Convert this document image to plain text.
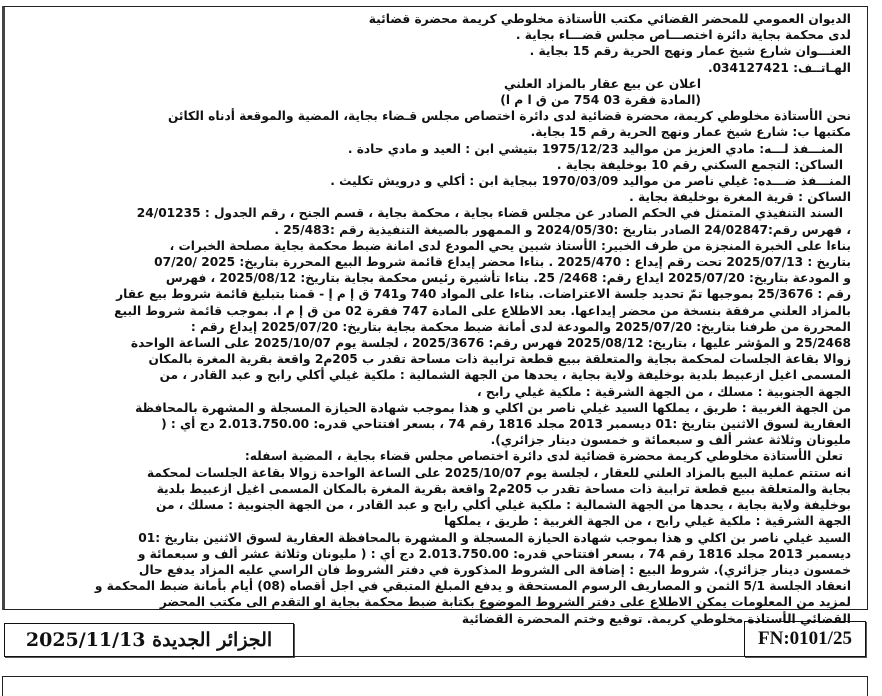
الديوان العمومي للمحضر القضائي مكتب الأستاذة مخلوطي كريمة محضرة قضائية

لدى محكمة بجاية دائرة اختصـــاص مجلس قضـــاء بجاية .

العنـــوان شارع شيخ عمار ونهج الحرية رقم 15 بجاية .

الهـاتــف: 034127421.

اعلان عن بيع عقار بالمزاد العلني

(المادة فقرة 03 754 من ق ا م ا)

نحن الأستاذة مخلوطي كريمة، محضرة قضائية لدى دائرة اختصاص مجلس قـضاء بجاية، المضية والموقعة أدناه الكائن

مكتبها ب: شارع شيخ عمار ونهج الحرية رقم 15 بجاية.

المنـــفذ لـــه: مادي العزيز من مواليد 1975/12/23 بتيشي ابن : العيد و مادي حادة .

الساكن: التجمع السكني رقم 10 بوخليفة بجاية .

المنـــفذ ضـــده: غيلي ناصر من مواليد 1970/03/09 ببجاية ابن : أكلي و درويش تكليث .

الساكن : قرية المغرة بوخليفة بجاية .

السند التنفيذي المتمثل في الحكم الصادر عن مجلس قضاء بجاية ، محكمة بجاية ، قسم الجنح ، رقم الجدول : 24/01235

، فهرس رقم:24/02847 الصادر بتاريخ :2024/05/30 و الممهور بالصيغة التنفيذية رقم :25/483 .

بناءا على الخبرة المنجزة من طرف الخبير: الأستاذ شبين يحي المودع لدى امانة ضبط محكمة بجاية مصلحة الخبرات ،

بتاريخ : 2025/07/13 تحت رقم إيداع : 2025/470 . بناءا محضر إيداع قائمة شروط البيع المحررة بتاريخ: 2025 /07/20

و المودعة بتاريخ: 2025/07/20 ايداع رقم: 2468/ 25. بناءا تأشيرة رئيس محكمة بجاية بتاريخ: 2025/08/12 ، فهرس

رقم : 25/3676 بموجبها تمّ تحديد جلسة الاعتراضات. بناءا على المواد 740 و741 ق إ م إ - قمنا بتبليغ قائمة شروط بيع عقار

بالمزاد العلني مرفقة بنسخة من محضر إيداعها. بعد الاطلاع على المادة 747 فقرة 02 من ق إ م ا. بموجب قائمة شروط البيع

المحررة من طرفنا بتاريخ: 2025/07/20 والمودعة لدى أمانة ضبط محكمة بجاية بتاريخ: 2025/07/20 إيداع رقم :

25/2468 و المؤشر عليها ، بتاريخ: 2025/08/12 فهرس رقم: 2025/3676 ، لجلسة يوم 2025/10/07 على الساعة الواحدة

زوالا بقاعة الجلسات لمحكمة بجاية والمتعلقة ببيع قطعة ترابية ذات مساحة تقدر ب 205م2 واقعة بقرية المغرة بالمكان

المسمى اغيل ازعبيط بلدية بوخليفة ولاية بجاية ، يحدها من الجهة الشمالية : ملكية غيلي أكلي رابح و عبد القادر ، من

الجهة الجنوبية : مسلك ، من الجهة الشرقية : ملكية غيلي رابح ،

من الجهة الغربية : طريق ، يملكها السيد غيلي ناصر بن اكلي و هذا بموجب شهادة الحيازة المسجلة و المشهرة بالمحافظة

العقارية لسوق الاثنين بتاريخ :01 ديسمبر 2013 مجلد 1816 رقم 74 ، بسعر افتتاحي قدره: 2.013.750.00 دج أي : (

مليونان وثلاثة عشر ألف و سبعمائة و خمسون دينار جزائري).

تعلن الأستاذة مخلوطي كريمة محضرة قضائية لدى دائرة اختصاص مجلس قضاء بجاية ، المضية اسفله:

انه ستتم عملية البيع بالمزاد العلني للعقار ، لجلسة يوم 2025/10/07 على الساعة الواحدة زوالا بقاعة الجلسات لمحكمة

بجاية والمتعلقة ببيع قطعة ترابية ذات مساحة تقدر ب 205م2 واقعة بقرية المغرة بالمكان المسمى اغيل ازعبيط بلدية

بوخليفة ولاية بجاية ، يحدها من الجهة الشمالية : ملكية غيلي أكلي رابح و عبد القادر ، من الجهة الجنوبية : مسلك ، من

الجهة الشرقية : ملكية غيلي رابح ، من الجهة الغربية : طريق ، يملكها

السيد غيلي ناصر بن اكلي و هذا بموجب شهادة الحيازة المسجلة و المشهرة بالمحافظة العقارية لسوق الاثنين بتاريخ :01

ديسمبر 2013 مجلد 1816 رقم 74 ، بسعر افتتاحي قدره: 2.013.750.00 دج أي : ( مليونان وثلاثة عشر ألف و سبعمائة و

خمسون دينار جزائري). شروط البيع : إضافة الى الشروط المذكورة في دفتر الشروط فان الراسي عليه المزاد يدفع حال

انعقاد الجلسة 5/1 الثمن و المصاريف الرسوم المستحقة و يدفع المبلغ المتبقي في اجل أقصاه (08) أيام بأمانة ضبط المحكمة و

لمزيد من المعلومات يمكن الاطلاع على دفتر الشروط الموضوع بكتابة ضبط محكمة بجاية او التقدم الى مكتب المحضر

القضائي الأستاذة مخلوطي كريمة. توقيع وختم المحضرة القضائية

الجزائر الجديدة 2025/11/13	FN:0101/25
